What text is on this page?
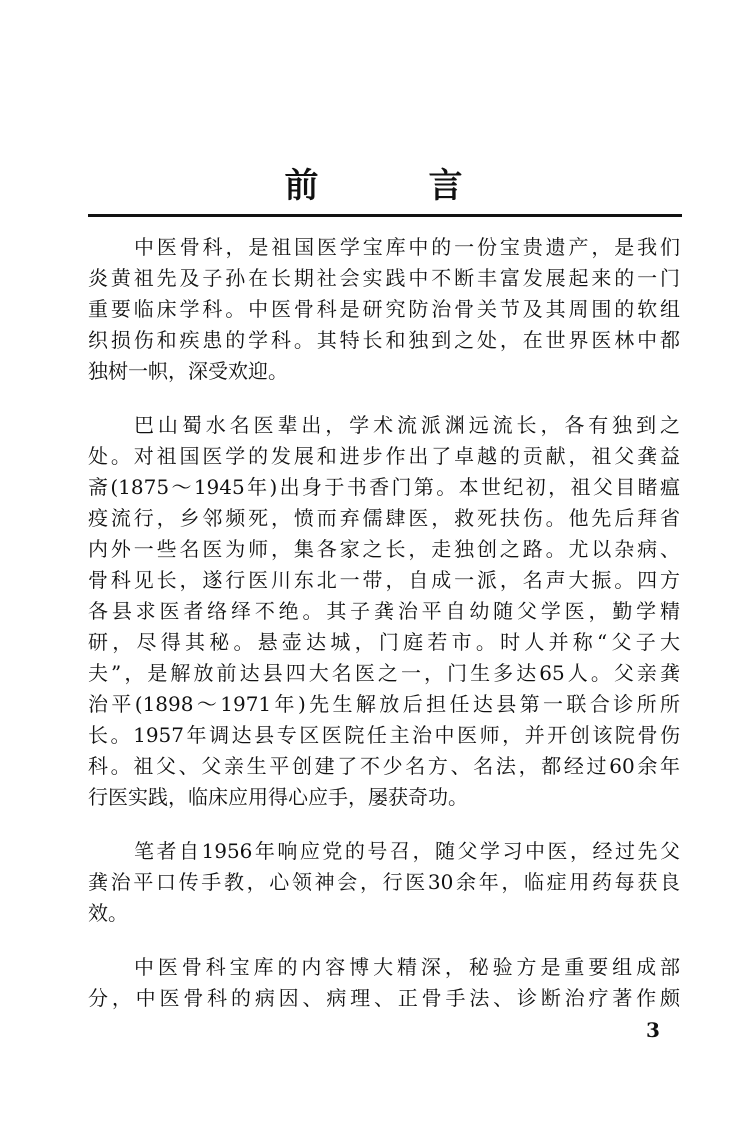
前	言
中医骨科，是祖国医学宝库中的一份宝贵遗产，是我们
炎黄祖先及子孙在长期社会实践中不断丰富发展起来的一门
重要临床学科。中医骨科是研究防治骨关节及其周围的软组
织损伤和疾患的学科。其特长和独到之处，在世界医林中都
独树一帜，深受欢迎。
巴山蜀水名医辈出，学术流派渊远流长，各有独到之
处。对祖国医学的发展和进步作出了卓越的贡献，祖父龚益
斋(1875～1945年)出身于书香门第。本世纪初，祖父目睹瘟
疫流行，乡邻频死，愤而弃儒肆医，救死扶伤。他先后拜省
内外一些名医为师，集各家之长，走独创之路。尤以杂病、
骨科见长，遂行医川东北一带，自成一派，名声大振。四方
各县求医者络绎不绝。其子龚治平自幼随父学医，勤学精
研，尽得其秘。悬壶达城，门庭若市。时人并称“父子大
夫”，是解放前达县四大名医之一，门生多达65人。父亲龚
治平(1898～1971年)先生解放后担任达县第一联合诊所所
长。1957年调达县专区医院任主治中医师，并开创该院骨伤
科。祖父、父亲生平创建了不少名方、名法，都经过60余年
行医实践，临床应用得心应手，屡获奇功。
笔者自1956年响应党的号召，随父学习中医，经过先父
龚治平口传手教，心领神会，行医30余年，临症用药每获良
效。
中医骨科宝库的内容博大精深，秘验方是重要组成部
分，中医骨科的病因、病理、正骨手法、诊断治疗著作颇
3
